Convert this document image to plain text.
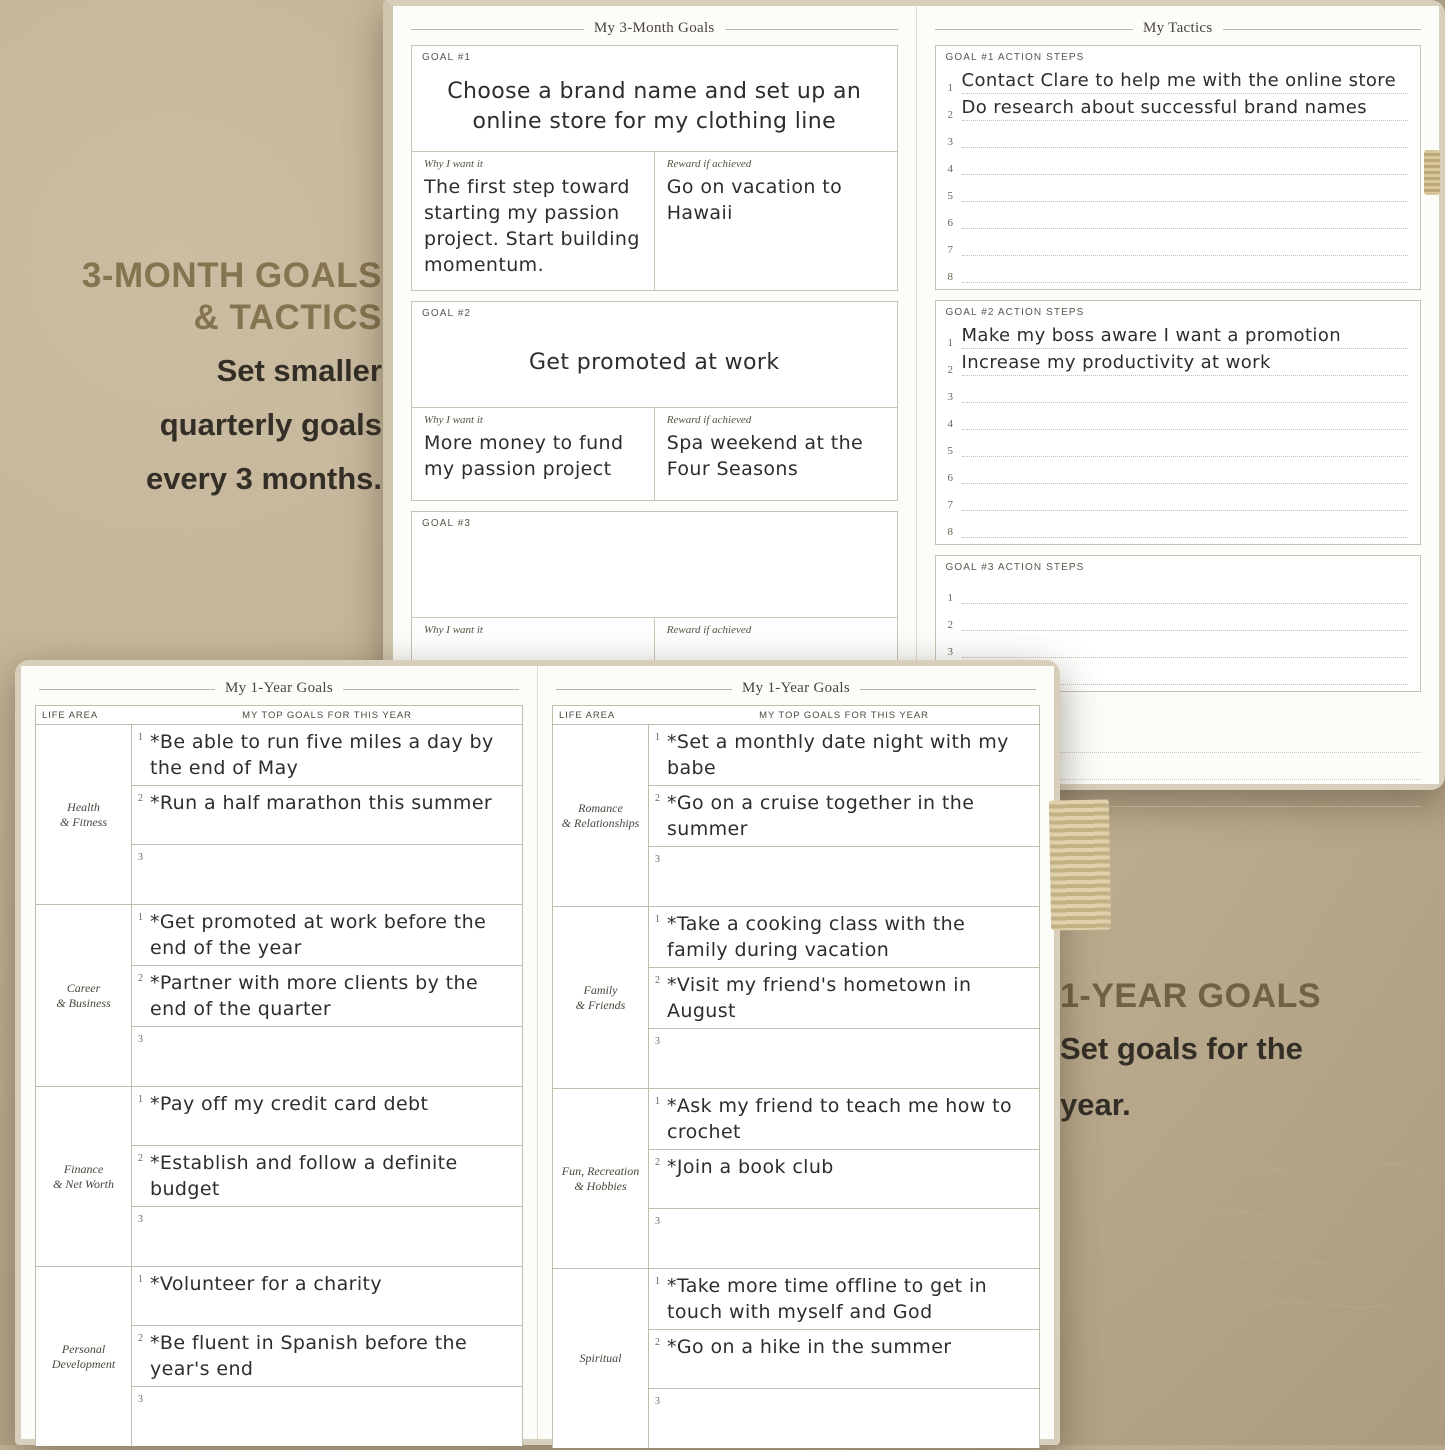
3-MONTH GOALS
& TACTICS
Set smaller
quarterly goals
every 3 months.
1-YEAR GOALS
Set goals for the
year.
My 3-Month Goals
GOAL #1
Choose a brand name and set up an online store for my clothing line
Why I want it
The first step toward starting my passion project. Start building momentum.
Reward if achieved
Go on vacation to Hawaii
GOAL #2
Get promoted at work
Why I want it
More money to fund my passion project
Reward if achieved
Spa weekend at the Four Seasons
GOAL #3
Why I want it	Reward if achieved
My Tactics
GOAL #1 ACTION STEPS
1 Contact Clare to help me with the online store
2 Do research about successful brand names
3
4
5
6
7
8
GOAL #2 ACTION STEPS
1 Make my boss aware I want a promotion
2 Increase my productivity at work
3
4
5
6
7
8
GOAL #3 ACTION STEPS
1
2
3
My 1-Year Goals
LIFE AREA	MY TOP GOALS FOR THIS YEAR
Health
& Fitness
1 *Be able to run five miles a day by the end of May
2 *Run a half marathon this summer
3
Career
& Business
1 *Get promoted at work before the end of the year
2 *Partner with more clients by the end of the quarter
3
Finance
& Net Worth
1 *Pay off my credit card debt
2 *Establish and follow a definite budget
3
Personal
Development
1 *Volunteer for a charity
2 *Be fluent in Spanish before the year's end
3
My 1-Year Goals
LIFE AREA	MY TOP GOALS FOR THIS YEAR
Romance
& Relationships
1 *Set a monthly date night with my babe
2 *Go on a cruise together in the summer
3
Family
& Friends
1 *Take a cooking class with the family during vacation
2 *Visit my friend's hometown in August
3
Fun, Recreation
& Hobbies
1 *Ask my friend to teach me how to crochet
2 *Join a book club
3
Spiritual
1 *Take more time offline to get in touch with myself and God
2 *Go on a hike in the summer
3
